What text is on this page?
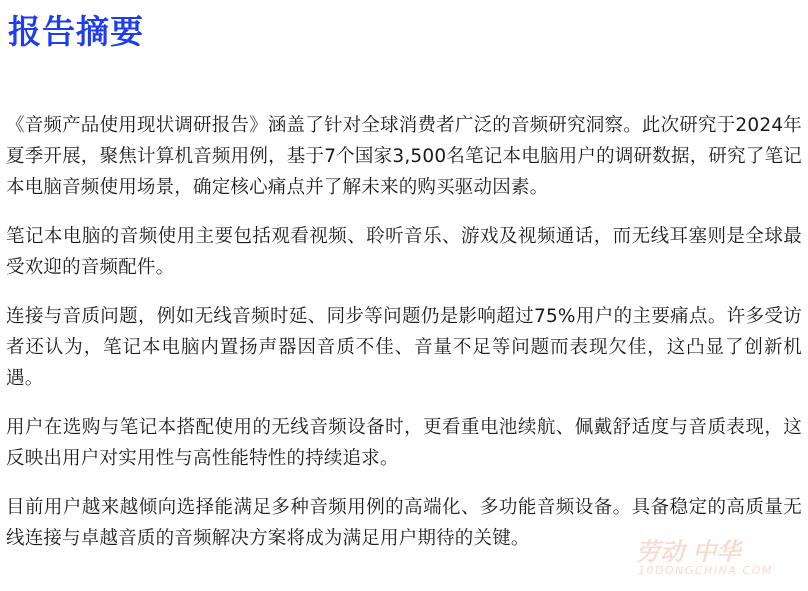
报告摘要

《音频产品使用现状调研报告》涵盖了针对全球消费者广泛的音频研究洞察。此次研究于2024年夏季开展，聚焦计算机音频用例，基于7个国家3,500名笔记本电脑用户的调研数据，研究了笔记本电脑音频使用场景，确定核心痛点并了解未来的购买驱动因素。

笔记本电脑的音频使用主要包括观看视频、聆听音乐、游戏及视频通话，而无线耳塞则是全球最受欢迎的音频配件。

连接与音质问题，例如无线音频时延、同步等问题仍是影响超过75%用户的主要痛点。许多受访者还认为，笔记本电脑内置扬声器因音质不佳、音量不足等问题而表现欠佳，这凸显了创新机遇。

用户在选购与笔记本搭配使用的无线音频设备时，更看重电池续航、佩戴舒适度与音质表现，这反映出用户对实用性与高性能特性的持续追求。

目前用户越来越倾向选择能满足多种音频用例的高端化、多功能音频设备。具备稳定的高质量无线连接与卓越音质的音频解决方案将成为满足用户期待的关键。	劳动 中华
10DONGCHINA.COM
